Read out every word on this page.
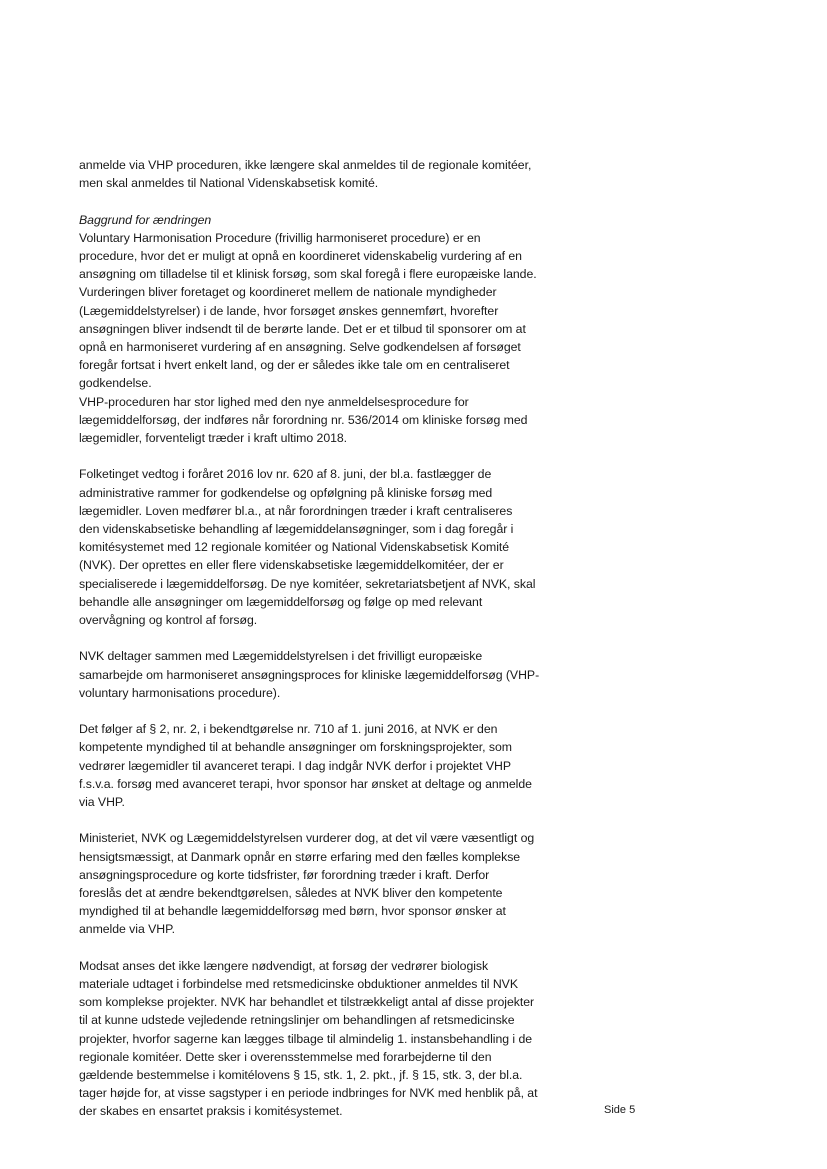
anmelde via VHP proceduren, ikke længere skal anmeldes til de regionale komitéer,
men skal anmeldes til National Videnskabsetisk komité.
Baggrund for ændringen
Voluntary Harmonisation Procedure (frivillig harmoniseret procedure) er en
procedure, hvor det er muligt at opnå en koordineret videnskabelig vurdering af en
ansøgning om tilladelse til et klinisk forsøg, som skal foregå i flere europæiske lande.
Vurderingen bliver foretaget og koordineret mellem de nationale myndigheder
(Lægemiddelstyrelser) i de lande, hvor forsøget ønskes gennemført, hvorefter
ansøgningen bliver indsendt til de berørte lande. Det er et tilbud til sponsorer om at
opnå en harmoniseret vurdering af en ansøgning. Selve godkendelsen af forsøget
foregår fortsat i hvert enkelt land, og der er således ikke tale om en centraliseret
godkendelse.
VHP-proceduren har stor lighed med den nye anmeldelsesprocedure for
lægemiddelforsøg, der indføres når forordning nr. 536/2014 om kliniske forsøg med
lægemidler, forventeligt træder i kraft ultimo 2018.
Folketinget vedtog i foråret 2016 lov nr. 620 af 8. juni, der bl.a. fastlægger de
administrative rammer for godkendelse og opfølgning på kliniske forsøg med
lægemidler. Loven medfører bl.a., at når forordningen træder i kraft centraliseres
den videnskabsetiske behandling af lægemiddelansøgninger, som i dag foregår i
komitésystemet med 12 regionale komitéer og National Videnskabsetisk Komité
(NVK). Der oprettes en eller flere videnskabsetiske lægemiddelkomitéer, der er
specialiserede i lægemiddelforsøg. De nye komitéer, sekretariatsbetjent af NVK, skal
behandle alle ansøgninger om lægemiddelforsøg og følge op med relevant
overvågning og kontrol af forsøg.
NVK deltager sammen med Lægemiddelstyrelsen i det frivilligt europæiske
samarbejde om harmoniseret ansøgningsproces for kliniske lægemiddelforsøg (VHP-
voluntary harmonisations procedure).
Det følger af § 2, nr. 2, i bekendtgørelse nr. 710 af 1. juni 2016, at NVK er den
kompetente myndighed til at behandle ansøgninger om forskningsprojekter, som
vedrører lægemidler til avanceret terapi. I dag indgår NVK derfor i projektet VHP
f.s.v.a. forsøg med avanceret terapi, hvor sponsor har ønsket at deltage og anmelde
via VHP.
Ministeriet, NVK og Lægemiddelstyrelsen vurderer dog, at det vil være væsentligt og
hensigtsmæssigt, at Danmark opnår en større erfaring med den fælles komplekse
ansøgningsprocedure og korte tidsfrister, før forordning træder i kraft. Derfor
foreslås det at ændre bekendtgørelsen, således at NVK bliver den kompetente
myndighed til at behandle lægemiddelforsøg med børn, hvor sponsor ønsker at
anmelde via VHP.
Modsat anses det ikke længere nødvendigt, at forsøg der vedrører biologisk
materiale udtaget i forbindelse med retsmedicinske obduktioner anmeldes til NVK
som komplekse projekter. NVK har behandlet et tilstrækkeligt antal af disse projekter
til at kunne udstede vejledende retningslinjer om behandlingen af retsmedicinske
projekter, hvorfor sagerne kan lægges tilbage til almindelig 1. instansbehandling i de
regionale komitéer. Dette sker i overensstemmelse med forarbejderne til den
gældende bestemmelse i komitélovens § 15, stk. 1, 2. pkt., jf. § 15, stk. 3, der bl.a.
tager højde for, at visse sagstyper i en periode indbringes for NVK med henblik på, at
der skabes en ensartet praksis i komitésystemet.	Side 5
